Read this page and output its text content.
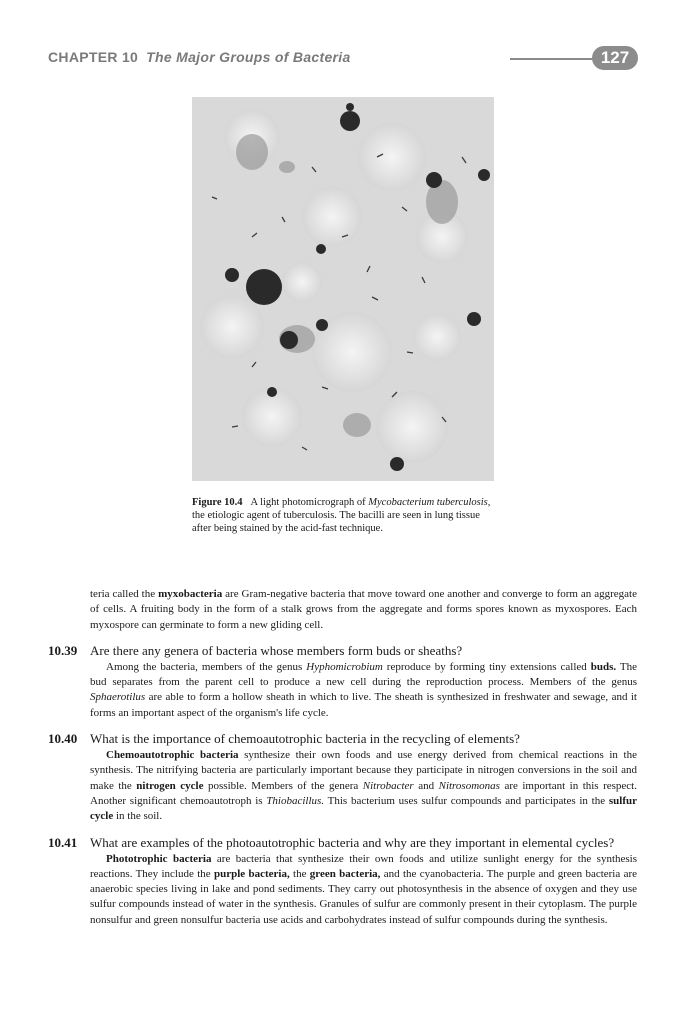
CHAPTER 10 The Major Groups of Bacteria	127
Figure 10.4 A light photomicrograph of Mycobacterium tuberculosis, the etiologic agent of tuberculosis. The bacilli are seen in lung tissue after being stained by the acid-fast technique.

teria called the myxobacteria are Gram-negative bacteria that move toward one another and converge to form an aggregate of cells. A fruiting body in the form of a stalk grows from the aggregate and forms spores known as myxospores. Each myxospore can germinate to form a new gliding cell.

10.39 Are there any genera of bacteria whose members form buds or sheaths?

Among the bacteria, members of the genus Hyphomicrobium reproduce by forming tiny extensions called buds. The bud separates from the parent cell to produce a new cell during the reproduction process. Members of the genus Sphaerotilus are able to form a hollow sheath in which to live. The sheath is synthesized in freshwater and sewage, and it forms an important aspect of the organism's life cycle.

10.40 What is the importance of chemoautotrophic bacteria in the recycling of elements?

Chemoautotrophic bacteria synthesize their own foods and use energy derived from chemical reactions in the synthesis. The nitrifying bacteria are particularly important because they participate in nitrogen conversions in the soil and make the nitrogen cycle possible. Members of the genera Nitrobacter and Nitrosomonas are important in this respect. Another significant chemoautotroph is Thiobacillus. This bacterium uses sulfur compounds and participates in the sulfur cycle in the soil.

10.41 What are examples of the photoautotrophic bacteria and why are they important in elemental cycles?

Phototrophic bacteria are bacteria that synthesize their own foods and utilize sunlight energy for the synthesis reactions. They include the purple bacteria, the green bacteria, and the cyanobacteria. The purple and green bacteria are anaerobic species living in lake and pond sediments. They carry out photosynthesis in the absence of oxygen and they use sulfur compounds instead of water in the synthesis. Granules of sulfur are commonly present in their cytoplasm. The purple nonsulfur and green nonsulfur bacteria use acids and carbohydrates instead of sulfur compounds during the synthesis.
